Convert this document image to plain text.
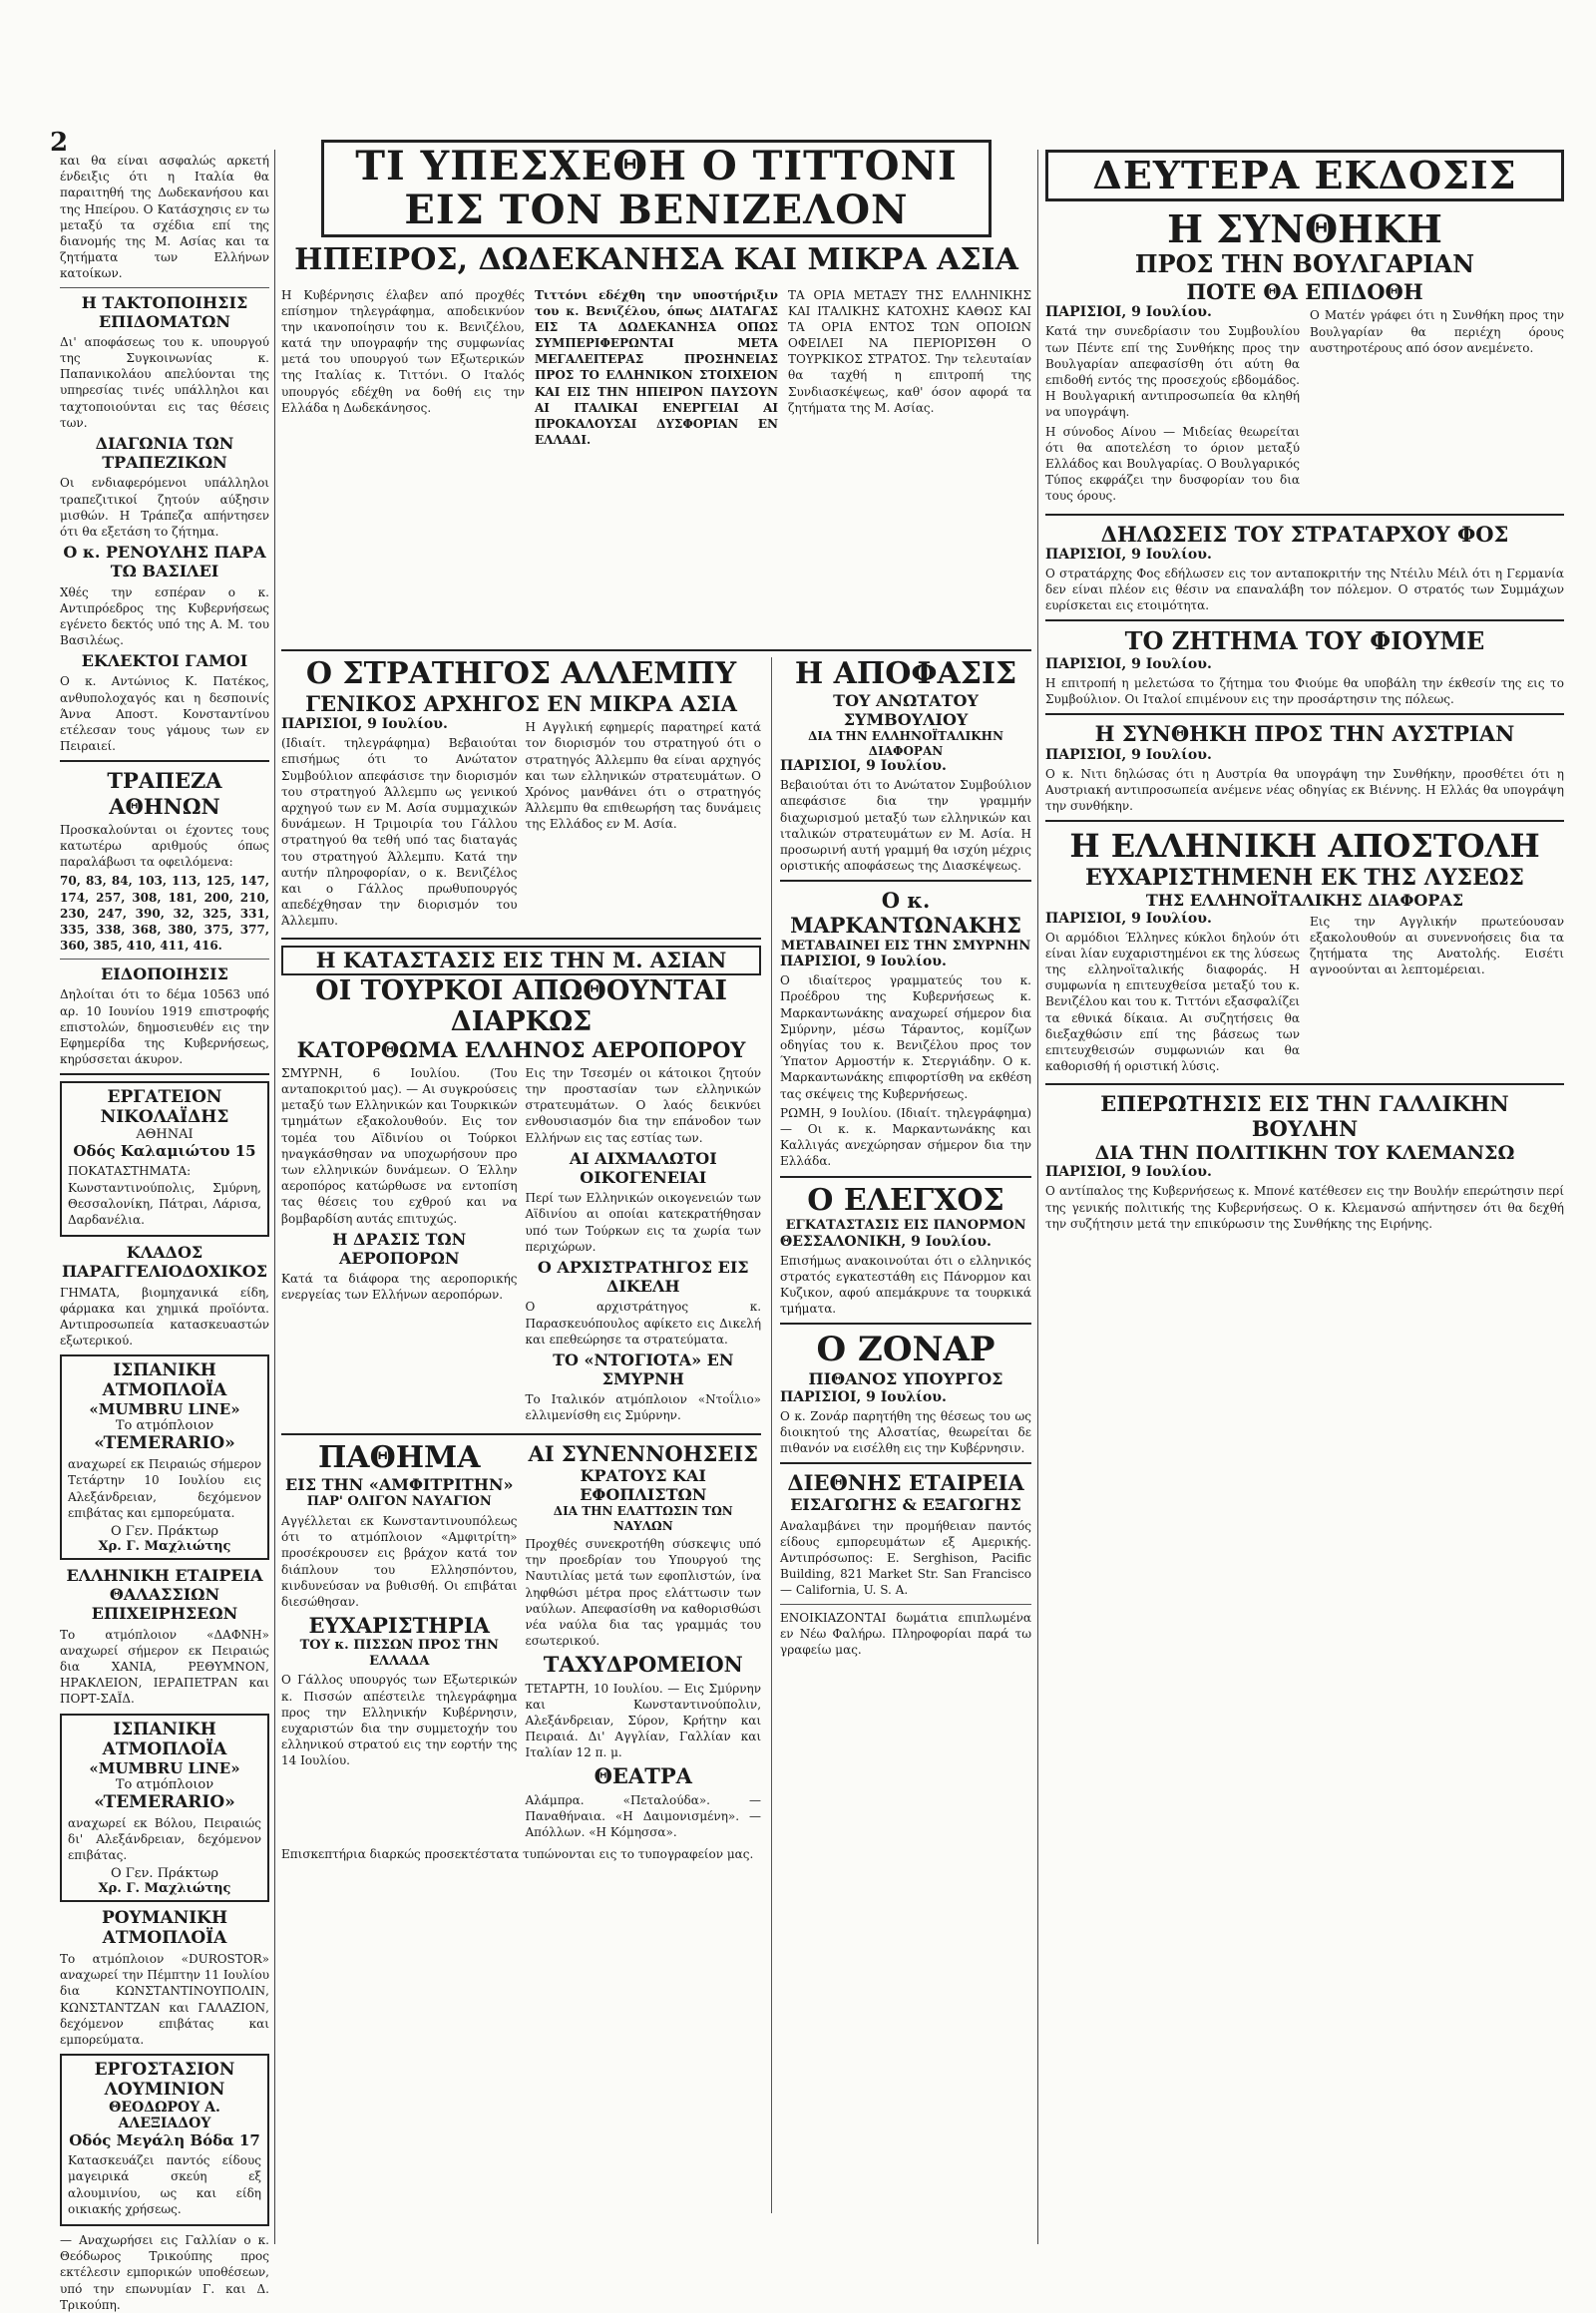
2

και θα είναι ασφαλώς αρκετή ένδειξις ότι η Ιταλία θα παραιτηθή της Δωδεκανήσου και της Ηπείρου. Ο Κατάσχησις εν τω μεταξύ τα σχέδια επί της διανομής της Μ. Ασίας και τα ζητήματα των Ελλήνων κατοίκων.

Η ΤΑΚΤΟΠΟΙΗΣΙΣ ΕΠΙΔΟΜΑΤΩΝ

Δι' αποφάσεως του κ. υπουργού της Συγκοινωνίας κ. Παπανικολάου απελύονται της υπηρεσίας τινές υπάλληλοι και ταχτοποιούνται εις τας θέσεις των.

ΔΙΑΓΩΝΙΑ ΤΩΝ ΤΡΑΠΕΖΙΚΩΝ

Οι ενδιαφερόμενοι υπάλληλοι τραπεζιτικοί ζητούν αύξησιν μισθών. Η Τράπεζα απήντησεν ότι θα εξετάση το ζήτημα.

Ο κ. ΡΕΝΟΥΛΗΣ ΠΑΡΑ ΤΩ ΒΑΣΙΛΕΙ

Χθές την εσπέραν ο κ. Αντιπρόεδρος της Κυβερνήσεως εγένετο δεκτός υπό της Α. Μ. του Βασιλέως.

ΕΚΛΕΚΤΟΙ ΓΑΜΟΙ

Ο κ. Αντώνιος Κ. Πατέκος, ανθυπολοχαγός και η δεσποινίς Άννα Αποστ. Κονσταντίνου ετέλεσαν τους γάμους των εν Πειραιεί.

ΤΡΑΠΕΖΑ ΑΘΗΝΩΝ

Προσκαλούνται οι έχοντες τους κατωτέρω αριθμούς όπως παραλάβωσι τα οφειλόμενα:

70, 83, 84, 103, 113, 125, 147, 174, 257, 308, 181, 200, 210, 230, 247, 390, 32, 325, 331, 335, 338, 368, 380, 375, 377, 360, 385, 410, 411, 416.

ΕΙΔΟΠΟΙΗΣΙΣ

Δηλοίται ότι το δέμα 10563 υπό αρ. 10 Ιουνίου 1919 επιστροφής επιστολών, δημοσιευθέν εις την Εφημερίδα της Κυβερνήσεως, κηρύσσεται άκυρον.

ΕΡΓΑΤΕΙΟΝ ΝΙΚΟΛΑΪΔΗΣ
ΑΘΗΝΑΙ
Οδός Καλαμιώτου 15

ΠΟΚΑΤΑΣΤΗΜΑΤΑ: Κωνσταντινούπολις, Σμύρνη, Θεσσαλονίκη, Πάτραι, Λάρισα, Δαρδανέλια.

ΚΛΑΔΟΣ ΠΑΡΑΓΓΕΛΙΟΔΟΧΙΚΟΣ

ΓΗΜΑΤΑ, βιομηχανικά είδη, φάρμακα και χημικά προϊόντα. Αντιπροσωπεία κατασκευαστών εξωτερικού.

ΙΣΠΑΝΙΚΗ ΑΤΜΟΠΛΟΪΑ
«MUMBRU LINE»
Το ατμόπλοιον
«TEMERARIO»

αναχωρεί εκ Πειραιώς σήμερον Τετάρτην 10 Ιουλίου εις Αλεξάνδρειαν, δεχόμενον επιβάτας και εμπορεύματα.

Ο Γεν. Πράκτωρ
Χρ. Γ. Μαχλιώτης
ΕΛΛΗΝΙΚΗ ΕΤΑΙΡΕΙΑ ΘΑΛΑΣΣΙΩΝ ΕΠΙΧΕΙΡΗΣΕΩΝ

Το ατμόπλοιον «ΔΑΦΝΗ» αναχωρεί σήμερον εκ Πειραιώς δια ΧΑΝΙΑ, ΡΕΘΥΜΝΟΝ, ΗΡΑΚΛΕΙΟΝ, ΙΕΡΑΠΕΤΡΑΝ και ΠΟΡΤ-ΣΑΪΔ.

ΙΣΠΑΝΙΚΗ ΑΤΜΟΠΛΟΪΑ
«MUMBRU LINE»
Το ατμόπλοιον
«TEMERARIO»

αναχωρεί εκ Βόλου, Πειραιώς δι' Αλεξάνδρειαν, δεχόμενον επιβάτας.

Ο Γεν. Πράκτωρ
Χρ. Γ. Μαχλιώτης
ΡΟΥΜΑΝΙΚΗ ΑΤΜΟΠΛΟΪΑ

Το ατμόπλοιον «DUROSTOR» αναχωρεί την Πέμπτην 11 Ιουλίου δια ΚΩΝΣΤΑΝΤΙΝΟΥΠΟΛΙΝ, ΚΩΝΣΤΑΝΤΖΑΝ και ΓΑΛΑΖΙΟΝ, δεχόμενον επιβάτας και εμπορεύματα.

ΕΡΓΟΣΤΑΣΙΟΝ ΛΟΥΜΙΝΙΟΝ
ΘΕΟΔΩΡΟΥ Α. ΑΛΕΞΙΑΔΟΥ
Οδός Μεγάλη Βόδα 17

Κατασκευάζει παντός είδους μαγειρικά σκεύη εξ αλουμινίου, ως και είδη οικιακής χρήσεως.

— Αναχωρήσει εις Γαλλίαν ο κ. Θεόδωρος Τρικούπης προς εκτέλεσιν εμπορικών υποθέσεων, υπό την επωνυμίαν Γ. και Δ. Τρικούπη.

ΤΙ ΥΠΕΣΧΕΘΗ Ο ΤΙΤΤΟΝΙ ΕΙΣ ΤΟΝ ΒΕΝΙΖΕΛΟΝ
ΗΠΕΙΡΟΣ, ΔΩΔΕΚΑΝΗΣΑ ΚΑΙ ΜΙΚΡΑ ΑΣΙΑ

Η Κυβέρνησις έλαβεν από προχθές επίσημον τηλεγράφημα, αποδεικνύον την ικανοποίησιν του κ. Βενιζέλου, κατά την υπογραφήν της συμφωνίας μετά του υπουργού των Εξωτερικών της Ιταλίας κ. Τιττόνι. Ο Ιταλός υπουργός εδέχθη να δοθή εις την Ελλάδα η Δωδεκάνησος.

Τιττόνι εδέχθη την υποστήριξιν του κ. Βενιζέλου, όπως ΔΙΑΤΑΓΑΣ ΕΙΣ ΤΑ ΔΩΔΕΚΑΝΗΣΑ ΟΠΩΣ ΣΥΜΠΕΡΙΦΕΡΩΝΤΑΙ ΜΕΤΑ ΜΕΓΑΛΕΙΤΕΡΑΣ ΠΡΟΣΗΝΕΙΑΣ ΠΡΟΣ ΤΟ ΕΛΛΗΝΙΚΟΝ ΣΤΟΙΧΕΙΟΝ ΚΑΙ ΕΙΣ ΤΗΝ ΗΠΕΙΡΟΝ ΠΑΥΣΟΥΝ ΑΙ ΙΤΑΛΙΚΑΙ ΕΝΕΡΓΕΙΑΙ ΑΙ ΠΡΟΚΑΛΟΥΣΑΙ ΔΥΣΦΟΡΙΑΝ ΕΝ ΕΛΛΑΔΙ.

ΤΑ ΟΡΙΑ ΜΕΤΑΞΥ ΤΗΣ ΕΛΛΗΝΙΚΗΣ ΚΑΙ ΙΤΑΛΙΚΗΣ ΚΑΤΟΧΗΣ ΚΑΘΩΣ ΚΑΙ ΤΑ ΟΡΙΑ ΕΝΤΟΣ ΤΩΝ ΟΠΟΙΩΝ ΟΦΕΙΛΕΙ ΝΑ ΠΕΡΙΟΡΙΣΘΗ Ο ΤΟΥΡΚΙΚΟΣ ΣΤΡΑΤΟΣ. Την τελευταίαν θα ταχθή η επιτροπή της Συνδιασκέψεως, καθ' όσον αφορά τα ζητήματα της Μ. Ασίας.

Ο ΣΤΡΑΤΗΓΟΣ ΑΛΛΕΜΠΥ
ΓΕΝΙΚΟΣ ΑΡΧΗΓΟΣ ΕΝ ΜΙΚΡΑ ΑΣΙΑ
ΠΑΡΙΣΙΟΙ, 9 Ιουλίου.

(Ιδιαίτ. τηλεγράφημα) Βεβαιούται επισήμως ότι το Ανώτατον Συμβούλιον απεφάσισε την διορισμόν του στρατηγού Άλλεμπυ ως γενικού αρχηγού των εν Μ. Ασία συμμαχικών δυνάμεων. Η Τριμοιρία του Γάλλου στρατηγού θα τεθή υπό τας διαταγάς του στρατηγού Άλλεμπυ. Κατά την αυτήν πληροφορίαν, ο κ. Βενιζέλος και ο Γάλλος πρωθυπουργός απεδέχθησαν την διορισμόν του Άλλεμπυ.

Η Αγγλική εφημερίς παρατηρεί κατά τον διορισμόν του στρατηγού ότι ο στρατηγός Άλλεμπυ θα είναι αρχηγός και των ελληνικών στρατευμάτων. Ο Χρόνος μανθάνει ότι ο στρατηγός Άλλεμπυ θα επιθεωρήση τας δυνάμεις της Ελλάδος εν Μ. Ασία.

Η ΚΑΤΑΣΤΑΣΙΣ ΕΙΣ ΤΗΝ Μ. ΑΣΙΑΝ
ΟΙ ΤΟΥΡΚΟΙ ΑΠΩΘΟΥΝΤΑΙ ΔΙΑΡΚΩΣ
ΚΑΤΟΡΘΩΜΑ ΕΛΛΗΝΟΣ ΑΕΡΟΠΟΡΟΥ

ΣΜΥΡΝΗ, 6 Ιουλίου. (Του ανταποκριτού μας). — Αι συγκρούσεις μεταξύ των Ελληνικών και Τουρκικών τμημάτων εξακολουθούν. Εις τον τομέα του Αϊδινίου οι Τούρκοι ηναγκάσθησαν να υποχωρήσουν προ των ελληνικών δυνάμεων. Ο Έλλην αεροπόρος κατώρθωσε να εντοπίση τας θέσεις του εχθρού και να βομβαρδίση αυτάς επιτυχώς.

Η ΔΡΑΣΙΣ ΤΩΝ ΑΕΡΟΠΟΡΩΝ

Κατά τα διάφορα της αεροπορικής ενεργείας των Ελλήνων αεροπόρων.

Εις την Τσεσμέν οι κάτοικοι ζητούν την προστασίαν των ελληνικών στρατευμάτων. Ο λαός δεικνύει ενθουσιασμόν δια την επάνοδον των Ελλήνων εις τας εστίας των.

ΑΙ ΑΙΧΜΑΛΩΤΟΙ ΟΙΚΟΓΕΝΕΙΑΙ

Περί των Ελληνικών οικογενειών των Αϊδινίου αι οποίαι κατεκρατήθησαν υπό των Τούρκων εις τα χωρία των περιχώρων.

Ο ΑΡΧΙΣΤΡΑΤΗΓΟΣ ΕΙΣ ΔΙΚΕΛΗ

Ο αρχιστράτηγος κ. Παρασκευόπουλος αφίκετο εις Δικελή και επεθεώρησε τα στρατεύματα.

ΤΟ «ΝΤΟΓΙΟΤΑ» ΕΝ ΣΜΥΡΝΗ

Το Ιταλικόν ατμόπλοιον «Ντοΐλιο» ελλιμενίσθη εις Σμύρνην.

ΠΑΘΗΜΑ
ΕΙΣ ΤΗΝ «ΑΜΦΙΤΡΙΤΗΝ»
ΠΑΡ' ΟΛΙΓΟΝ ΝΑΥΑΓΙΟΝ

Αγγέλλεται εκ Κωνσταντινουπόλεως ότι το ατμόπλοιον «Αμφιτρίτη» προσέκρουσεν εις βράχον κατά τον διάπλουν του Ελλησπόντου, κινδυνεύσαν να βυθισθή. Οι επιβάται διεσώθησαν.

ΕΥΧΑΡΙΣΤΗΡΙΑ
ΤΟΥ κ. ΠΙΣΣΩΝ ΠΡΟΣ ΤΗΝ ΕΛΛΑΔΑ

Ο Γάλλος υπουργός των Εξωτερικών κ. Πισσών απέστειλε τηλεγράφημα προς την Ελληνικήν Κυβέρνησιν, ευχαριστών δια την συμμετοχήν του ελληνικού στρατού εις την εορτήν της 14 Ιουλίου.

ΑΙ ΣΥΝΕΝΝΟΗΣΕΙΣ
ΚΡΑΤΟΥΣ ΚΑΙ ΕΦΟΠΛΙΣΤΩΝ
ΔΙΑ ΤΗΝ ΕΛΑΤΤΩΣΙΝ ΤΩΝ ΝΑΥΛΩΝ

Προχθές συνεκροτήθη σύσκεψις υπό την προεδρίαν του Υπουργού της Ναυτιλίας μετά των εφοπλιστών, ίνα ληφθώσι μέτρα προς ελάττωσιν των ναύλων. Απεφασίσθη να καθορισθώσι νέα ναύλα δια τας γραμμάς του εσωτερικού.

ΤΑΧΥΔΡΟΜΕΙΟΝ

ΤΕΤΑΡΤΗ, 10 Ιουλίου. — Εις Σμύρνην και Κωνσταντινούπολιν, Αλεξάνδρειαν, Σύρον, Κρήτην και Πειραιά. Δι' Αγγλίαν, Γαλλίαν και Ιταλίαν 12 π. μ.

ΘΕΑΤΡΑ

Αλάμπρα. «Πεταλούδα». — Παναθήναια. «Η Δαιμονισμένη». — Απόλλων. «Η Κόμησσα».

Επισκεπτήρια διαρκώς προσεκτέστατα τυπώνονται εις το τυπογραφείον μας.

Η ΑΠΟΦΑΣΙΣ
ΤΟΥ ΑΝΩΤΑΤΟΥ ΣΥΜΒΟΥΛΙΟΥ
ΔΙΑ ΤΗΝ ΕΛΛΗΝΟΪΤΑΛΙΚΗΝ ΔΙΑΦΟΡΑΝ
ΠΑΡΙΣΙΟΙ, 9 Ιουλίου.

Βεβαιούται ότι το Ανώτατον Συμβούλιον απεφάσισε δια την γραμμήν διαχωρισμού μεταξύ των ελληνικών και ιταλικών στρατευμάτων εν Μ. Ασία. Η προσωρινή αυτή γραμμή θα ισχύη μέχρις οριστικής αποφάσεως της Διασκέψεως.

Ο κ. ΜΑΡΚΑΝΤΩΝΑΚΗΣ
ΜΕΤΑΒΑΙΝΕΙ ΕΙΣ ΤΗΝ ΣΜΥΡΝΗΝ
ΠΑΡΙΣΙΟΙ, 9 Ιουλίου.

Ο ιδιαίτερος γραμματεύς του κ. Προέδρου της Κυβερνήσεως κ. Μαρκαντωνάκης αναχωρεί σήμερον δια Σμύρνην, μέσω Τάραντος, κομίζων οδηγίας του κ. Βενιζέλου προς τον Ύπατον Αρμοστήν κ. Στεργιάδην. Ο κ. Μαρκαντωνάκης επιφορτίσθη να εκθέση τας σκέψεις της Κυβερνήσεως.

ΡΩΜΗ, 9 Ιουλίου. (Ιδιαίτ. τηλεγράφημα) — Οι κ. κ. Μαρκαντωνάκης και Καλλιγάς ανεχώρησαν σήμερον δια την Ελλάδα.

Ο ΕΛΕΓΧΟΣ
ΕΓΚΑΤΑΣΤΑΣΙΣ ΕΙΣ ΠΑΝΟΡΜΟΝ
ΘΕΣΣΑΛΟΝΙΚΗ, 9 Ιουλίου.

Επισήμως ανακοινούται ότι ο ελληνικός στρατός εγκατεστάθη εις Πάνορμον και Κυζικον, αφού απεμάκρυνε τα τουρκικά τμήματα.

Ο ΖΟΝΑΡ
ΠΙΘΑΝΟΣ ΥΠΟΥΡΓΟΣ
ΠΑΡΙΣΙΟΙ, 9 Ιουλίου.

Ο κ. Ζονάρ παρητήθη της θέσεως του ως διοικητού της Αλσατίας, θεωρείται δε πιθανόν να εισέλθη εις την Κυβέρνησιν.

ΔΙΕΘΝΗΣ ΕΤΑΙΡΕΙΑ
ΕΙΣΑΓΩΓΗΣ & ΕΞΑΓΩΓΗΣ

Αναλαμβάνει την προμήθειαν παντός είδους εμπορευμάτων εξ Αμερικής. Αντιπρόσωπος: E. Serghison, Pacific Building, 821 Market Str. San Francisco — California, U. S. A.

ΕΝΟΙΚΙΑΖΟΝΤΑΙ δωμάτια επιπλωμένα εν Νέω Φαλήρω. Πληροφορίαι παρά τω γραφείω μας.

ΔΕΥΤΕΡΑ ΕΚΔΟΣΙΣ
Η ΣΥΝΘΗΚΗ
ΠΡΟΣ ΤΗΝ ΒΟΥΛΓΑΡΙΑΝ
ΠΟΤΕ ΘΑ ΕΠΙΔΟΘΗ
ΠΑΡΙΣΙΟΙ, 9 Ιουλίου.

Κατά την συνεδρίασιν του Συμβουλίου των Πέντε επί της Συνθήκης προς την Βουλγαρίαν απεφασίσθη ότι αύτη θα επιδοθή εντός της προσεχούς εβδομάδος. Η Βουλγαρική αντιπροσωπεία θα κληθή να υπογράψη.

Η σύνοδος Αίνου — Μιδείας θεωρείται ότι θα αποτελέση το όριον μεταξύ Ελλάδος και Βουλγαρίας. Ο Βουλγαρικός Τύπος εκφράζει την δυσφορίαν του δια τους όρους.

Ο Ματέν γράφει ότι η Συνθήκη προς την Βουλγαρίαν θα περιέχη όρους αυστηροτέρους από όσον ανεμένετο.

ΔΗΛΩΣΕΙΣ ΤΟΥ ΣΤΡΑΤΑΡΧΟΥ ΦΟΣ
ΠΑΡΙΣΙΟΙ, 9 Ιουλίου.

Ο στρατάρχης Φος εδήλωσεν εις τον ανταποκριτήν της Ντέιλυ Μέιλ ότι η Γερμανία δεν είναι πλέον εις θέσιν να επαναλάβη τον πόλεμον. Ο στρατός των Συμμάχων ευρίσκεται εις ετοιμότητα.

ΤΟ ΖΗΤΗΜΑ ΤΟΥ ΦΙΟΥΜΕ
ΠΑΡΙΣΙΟΙ, 9 Ιουλίου.

Η επιτροπή η μελετώσα το ζήτημα του Φιούμε θα υποβάλη την έκθεσίν της εις το Συμβούλιον. Οι Ιταλοί επιμένουν εις την προσάρτησιν της πόλεως.

Η ΣΥΝΘΗΚΗ ΠΡΟΣ ΤΗΝ ΑΥΣΤΡΙΑΝ
ΠΑΡΙΣΙΟΙ, 9 Ιουλίου.

Ο κ. Νιτι δηλώσας ότι η Αυστρία θα υπογράψη την Συνθήκην, προσθέτει ότι η Αυστριακή αντιπροσωπεία ανέμενε νέας οδηγίας εκ Βιέννης. Η Ελλάς θα υπογράψη την συνθήκην.

Η ΕΛΛΗΝΙΚΗ ΑΠΟΣΤΟΛΗ
ΕΥΧΑΡΙΣΤΗΜΕΝΗ ΕΚ ΤΗΣ ΛΥΣΕΩΣ
ΤΗΣ ΕΛΛΗΝΟΪΤΑΛΙΚΗΣ ΔΙΑΦΟΡΑΣ
ΠΑΡΙΣΙΟΙ, 9 Ιουλίου.

Οι αρμόδιοι Έλληνες κύκλοι δηλούν ότι είναι λίαν ευχαριστημένοι εκ της λύσεως της ελληνοϊταλικής διαφοράς. Η συμφωνία η επιτευχθείσα μεταξύ του κ. Βενιζέλου και του κ. Τιττόνι εξασφαλίζει τα εθνικά δίκαια. Αι συζητήσεις θα διεξαχθώσιν επί της βάσεως των επιτευχθεισών συμφωνιών και θα καθορισθή ή οριστική λύσις.

Εις την Αγγλικήν πρωτεύουσαν εξακολουθούν αι συνεννοήσεις δια τα ζητήματα της Ανατολής. Εισέτι αγνοούνται αι λεπτομέρειαι.

ΕΠΕΡΩΤΗΣΙΣ ΕΙΣ ΤΗΝ ΓΑΛΛΙΚΗΝ ΒΟΥΛΗΝ
ΔΙΑ ΤΗΝ ΠΟΛΙΤΙΚΗΝ ΤΟΥ ΚΛΕΜΑΝΣΩ
ΠΑΡΙΣΙΟΙ, 9 Ιουλίου.

Ο αντίπαλος της Κυβερνήσεως κ. Μπονέ κατέθεσεν εις την Βουλήν επερώτησιν περί της γενικής πολιτικής της Κυβερνήσεως. Ο κ. Κλεμανσώ απήντησεν ότι θα δεχθή την συζήτησιν μετά την επικύρωσιν της Συνθήκης της Ειρήνης.
